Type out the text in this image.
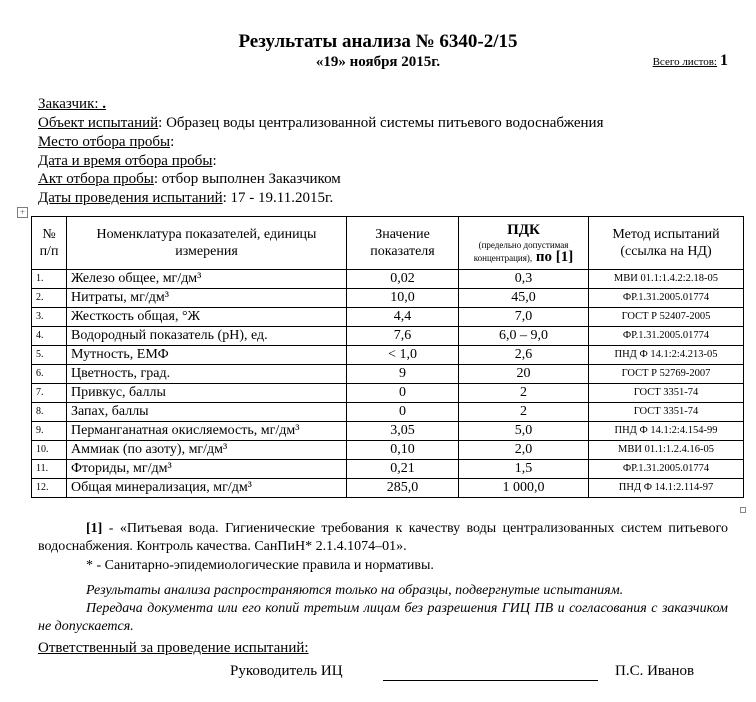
Результаты анализа № 6340-2/15
«19» ноября 2015г.	Всего листов: 1
Заказчик: .
Объект испытаний: Образец воды централизованной системы питьевого водоснабжения
Место отбора пробы:
Дата и время отбора пробы:
Акт отбора пробы: отбор выполнен Заказчиком
Даты проведения испытаний: 17 - 19.11.2015г.
+
№ п/п	Номенклатура показателей, единицы измерения	Значение показателя	ПДК
(предельно допустимая концентрация), по [1]	Метод испытаний (ссылка на НД)
1.	Железо общее, мг/дм³	0,02	0,3	МВИ 01.1:1.4.2:2.18-05
2.	Нитраты, мг/дм³	10,0	45,0	ФР.1.31.2005.01774
3.	Жесткость общая, °Ж	4,4	7,0	ГОСТ Р 52407-2005
4.	Водородный показатель (рН), ед.	7,6	6,0 – 9,0	ФР.1.31.2005.01774
5.	Мутность, ЕМФ	< 1,0	2,6	ПНД Ф 14.1:2:4.213-05
6.	Цветность, град.	9	20	ГОСТ Р 52769-2007
7.	Привкус, баллы	0	2	ГОСТ 3351-74
8.	Запах, баллы	0	2	ГОСТ 3351-74
9.	Перманганатная окисляемость, мг/дм³	3,05	5,0	ПНД Ф 14.1:2:4.154-99
10.	Аммиак (по азоту), мг/дм³	0,10	2,0	МВИ 01.1:1.2.4.16-05
11.	Фториды, мг/дм³	0,21	1,5	ФР.1.31.2005.01774
12.	Общая минерализация, мг/дм³	285,0	1 000,0	ПНД Ф 14.1:2.114-97
[1] - «Питьевая вода. Гигиенические требования к качеству воды централизованных систем питьевого водоснабжения. Контроль качества. СанПиН* 2.1.4.1074–01».
* - Санитарно-эпидемиологические правила и нормативы.
Результаты анализа распространяются только на образцы, подвергнутые испытаниям.
Передача документа или его копий третьим лицам без разрешения ГИЦ ПВ и согласования с заказчиком не допускается.
Ответственный за проведение испытаний:
Руководитель ИЦ	П.С. Иванов
